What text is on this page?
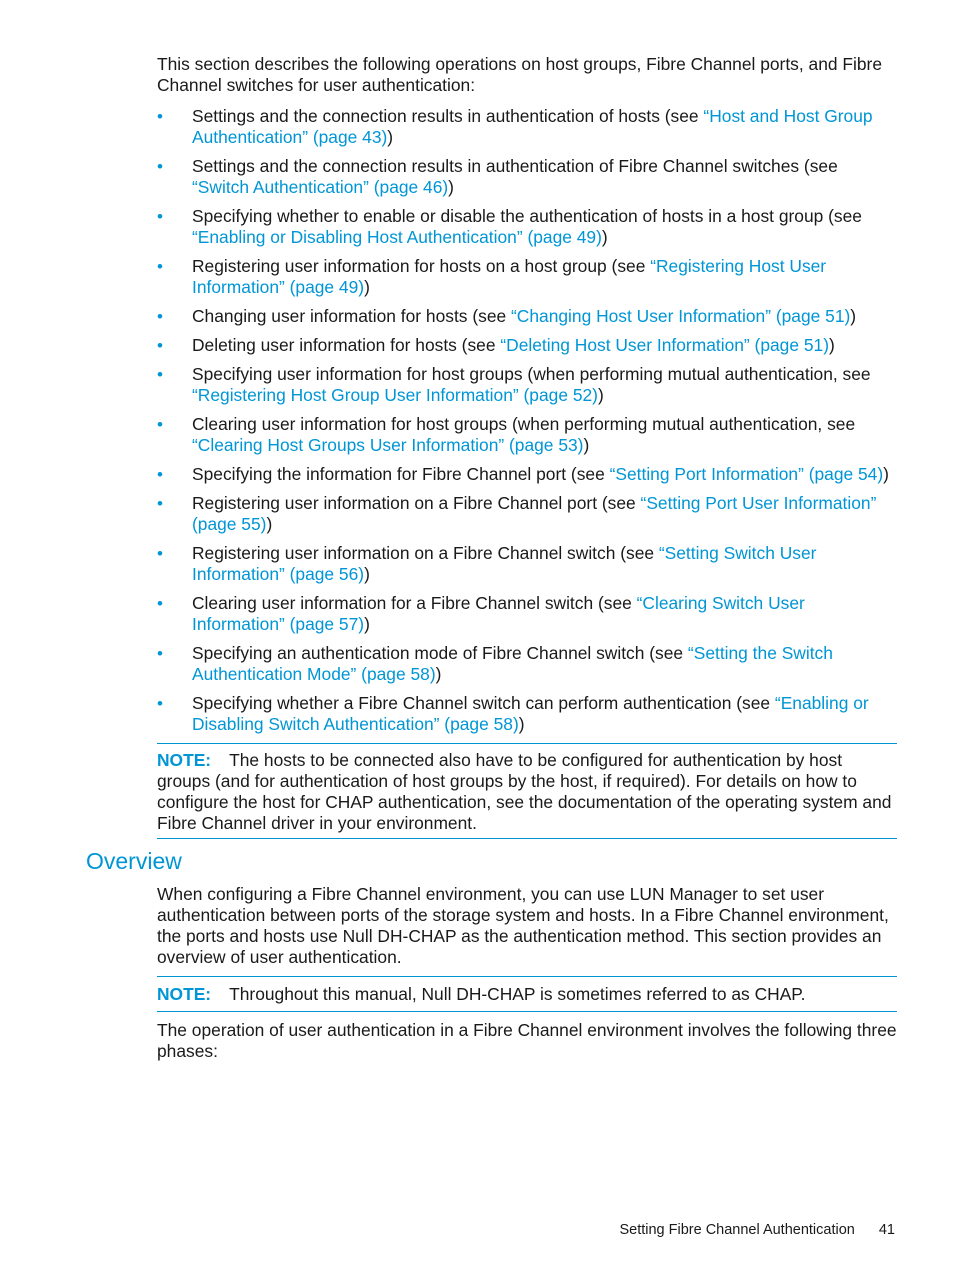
This section describes the following operations on host groups, Fibre Channel ports, and Fibre Channel switches for user authentication:

• Settings and the connection results in authentication of hosts (see “Host and Host Group Authentication” (page 43))
• Settings and the connection results in authentication of Fibre Channel switches (see “Switch Authentication” (page 46))
• Specifying whether to enable or disable the authentication of hosts in a host group (see “Enabling or Disabling Host Authentication” (page 49))
• Registering user information for hosts on a host group (see “Registering Host User Information” (page 49))
• Changing user information for hosts (see “Changing Host User Information” (page 51))
• Deleting user information for hosts (see “Deleting Host User Information” (page 51))
• Specifying user information for host groups (when performing mutual authentication, see “Registering Host Group User Information” (page 52))
• Clearing user information for host groups (when performing mutual authentication, see “Clearing Host Groups User Information” (page 53))
• Specifying the information for Fibre Channel port (see “Setting Port Information” (page 54))
• Registering user information on a Fibre Channel port (see “Setting Port User Information” (page 55))
• Registering user information on a Fibre Channel switch (see “Setting Switch User Information” (page 56))
• Clearing user information for a Fibre Channel switch (see “Clearing Switch User Information” (page 57))
• Specifying an authentication mode of Fibre Channel switch (see “Setting the Switch Authentication Mode” (page 58))
• Specifying whether a Fibre Channel switch can perform authentication (see “Enabling or Disabling Switch Authentication” (page 58))
NOTE: The hosts to be connected also have to be configured for authentication by host groups (and for authentication of host groups by the host, if required). For details on how to configure the host for CHAP authentication, see the documentation of the operating system and Fibre Channel driver in your environment.
Overview

When configuring a Fibre Channel environment, you can use LUN Manager to set user authentication between ports of the storage system and hosts. In a Fibre Channel environment, the ports and hosts use Null DH-CHAP as the authentication method. This section provides an overview of user authentication.

NOTE: Throughout this manual, Null DH-CHAP is sometimes referred to as CHAP.

The operation of user authentication in a Fibre Channel environment involves the following three phases:

Setting Fibre Channel Authentication 41
